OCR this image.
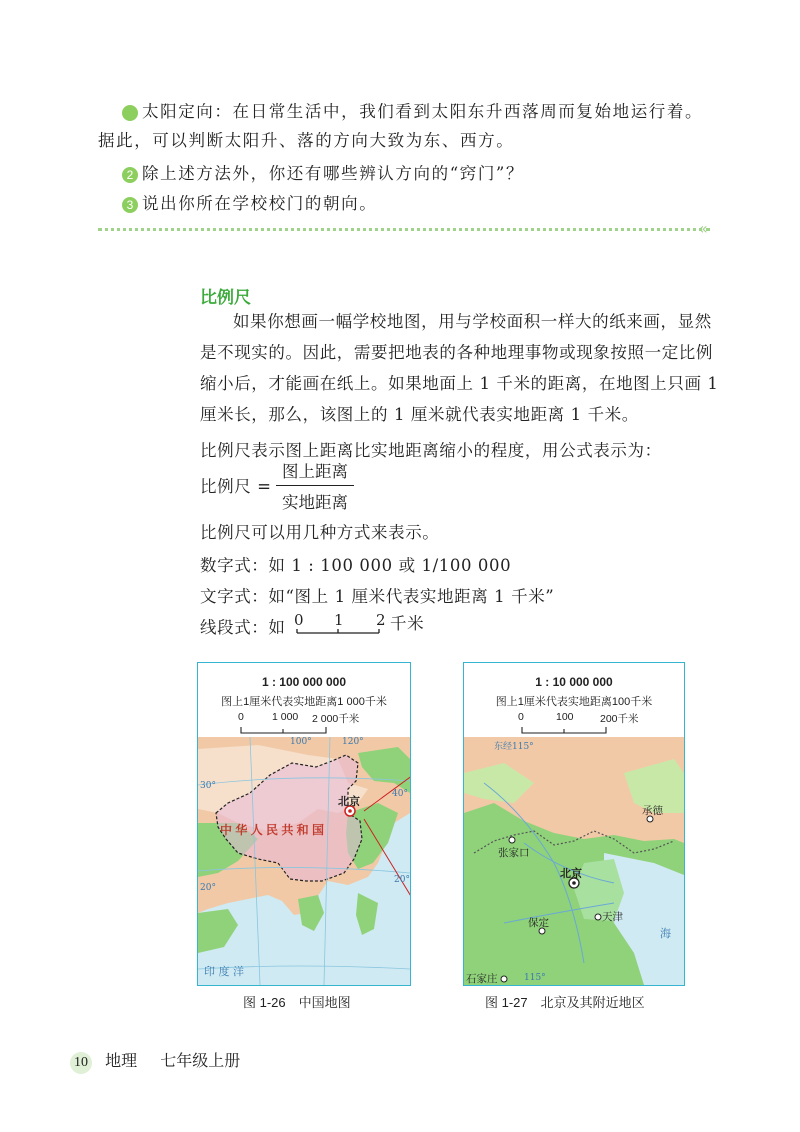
太阳定向：在日常生活中，我们看到太阳东升西落周而复始地运行着。
据此，可以判断太阳升、落的方向大致为东、西方。
2 除上述方法外，你还有哪些辨认方向的“窍门”？
3 说出你所在学校校门的朝向。
‹‹
比例尺
如果你想画一幅学校地图，用与学校面积一样大的纸来画，显然是不现实的。因此，需要把地表的各种地理事物或现象按照一定比例缩小后，才能画在纸上。如果地面上 1 千米的距离，在地图上只画 1 厘米长，那么，该图上的 1 厘米就代表实地距离 1 千米。
比例尺表示图上距离比实地距离缩小的程度，用公式表示为：
比例尺 =
图上距离
实地距离
比例尺可以用几种方式来表示。
数字式：如 1 : 100 000 或 1/100 000
文字式：如“图上 1 厘米代表实地距离 1 千米”
线段式：如 0 1 2 千米
1 : 100 000 000
图上1厘米代表实地距离1 000千米
0	1 000 2 000千米
100°	120°
40°
30°
20°
20°
中 华 人 民 共 和 国
北京
印 度 洋
图 1-26　中国地图
1 : 10 000 000
图上1厘米代表实地距离100千米
0	100	200千米
东经115°
115°
承德
张家口
北京
保定	天津
石家庄
海
图 1-27　北京及其附近地区
10 地理 七年级上册
